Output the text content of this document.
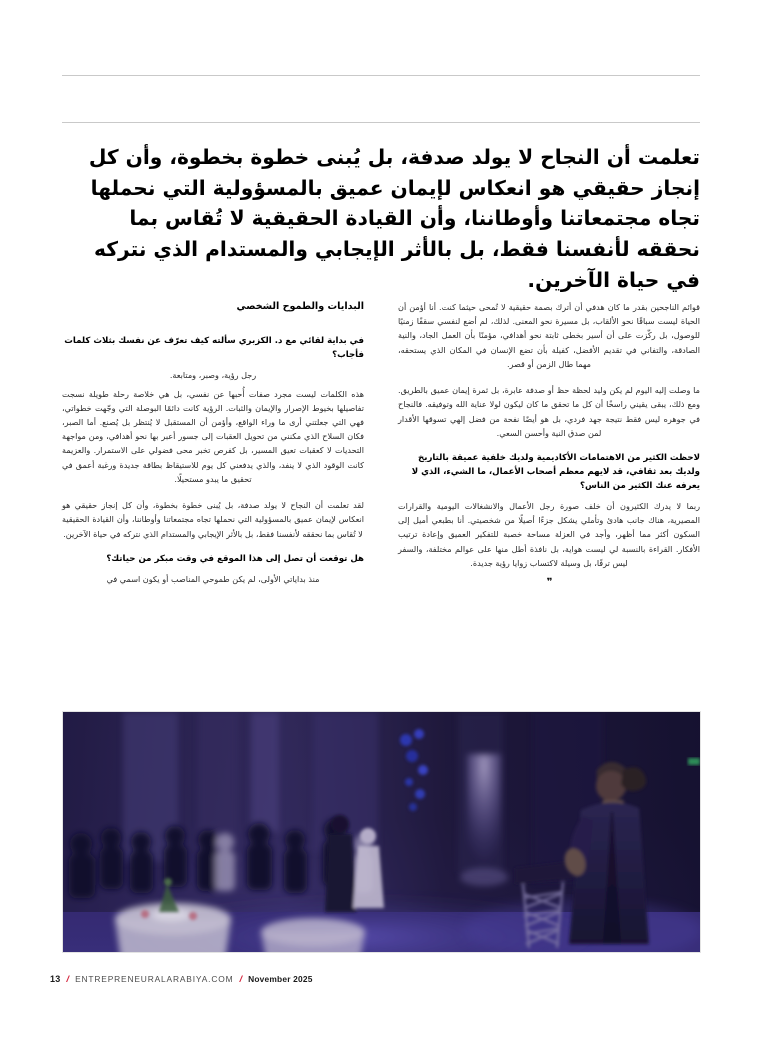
تعلمت أن النجاح لا يولد صدفة، بل يُبنى خطوة بخطوة، وأن كل إنجاز حقيقي هو انعكاس لإيمان عميق بالمسؤولية التي نحملها تجاه مجتمعاتنا وأوطاننا، وأن القيادة الحقيقية لا تُقاس بما نحققه لأنفسنا فقط، بل بالأثر الإيجابي والمستدام الذي نتركه في حياة الآخرين.
البدايات والطموح الشخصي
في بداية لقائي مع د. الكزبري سألته كيف تعرّف عن نفسك بثلاث كلمات فأجاب؟
رجل رؤية، وصبر، ومتابعة.
هذه الكلمات ليست مجرد صفات أُحبها عن نفسي، بل هي خلاصة رحلة طويلة نسجت تفاصيلها بخيوط الإصرار والإيمان والثبات. الرؤية كانت دائمًا البوصلة التي وجّهت خطواتي، فهي التي جعلتني أرى ما وراء الواقع، وأؤمن أن المستقبل لا يُنتظر بل يُصنع. أما الصبر، فكان السلاح الذي مكنني من تحويل العقبات إلى جسور أعبر بها نحو أهدافي، ومن مواجهة التحديات لا كعقبات تعيق المسير، بل كفرص تخبر محى فضولي على الاستمرار. والعزيمة كانت الوقود الذي لا ينفد، والذي يدفعني كل يوم للاستيقاظ بطاقة جديدة ورغبة أعمق في تحقيق ما يبدو مستحيلًا.
لقد تعلمت أن النجاح لا يولد صدفة، بل يُبنى خطوة بخطوة، وأن كل إنجاز حقيقي هو انعكاس لإيمان عميق بالمسؤولية التي نحملها تجاه مجتمعاتنا وأوطاننا، وأن القيادة الحقيقية لا تُقاس بما نحققه لأنفسنا فقط، بل بالأثر الإيجابي والمستدام الذي نتركه في حياة الآخرين.
هل توقعت أن تصل إلى هذا الموقع في وقت مبكر من حياتك؟
منذ بداياتي الأولى، لم يكن طموحي المناصب أو يكون اسمي في
قوائم الناجحين بقدر ما كان هدفي أن أترك بصمة حقيقية لا تُمحى حيثما كنت. أنا أؤمن أن الحياة ليست سباقًا نحو الألقاب، بل مسيرة نحو المعنى. لذلك، لم أضع لنفسي سقفًا زمنيًا للوصول، بل ركّزت على أن أسير بخطى ثابتة نحو أهدافي، مؤمنًا بأن العمل الجاد، والنية الصادقة، والتفاني في تقديم الأفضل، كفيلة بأن تضع الإنسان في المكان الذي يستحقه، مهما طال الزمن أو قصر.
ما وصلت إليه اليوم لم يكن وليد لحظة حظ أو صدفة عابرة، بل ثمرة إيمان عميق بالطريق. ومع ذلك، يبقى يقيني راسخًا أن كل ما تحقق ما كان ليكون لولا عناية الله وتوفيقه. فالنجاح في جوهره ليس فقط نتيجة جهد فردي، بل هو أيضًا نفحة من فضل إلهي تسوقها الأقدار لمن صدق النية وأحسن السعي.
لاحظت الكثير من الاهتمامات الأكاديمية ولديك خلفية عميقة بالتاريخ ولديك بعد ثقافي، قد لايهم معظم أصحاب الأعمال، ما الشيء، الذي لا يعرفه عنك الكثير من الناس؟
ربما لا يدرك الكثيرون أن خلف صورة رجل الأعمال والانشغالات اليومية والقرارات المصيرية، هناك جانب هادئ وتأملي يشكل جزءًا أصيلًا من شخصيتي. أنا بطبعي أميل إلى السكون أكثر مما أظهر، وأجد في العزلة مساحة خصبة للتفكير العميق وإعادة ترتيب الأفكار. القراءة بالنسبة لي ليست هواية، بل نافذة أطل منها على عوالم مختلفة، والسفر ليس ترفًا، بل وسيلة لاكتساب زوايا رؤية جديدة.
❞
13 / ENTREPRENEURALARABIYA.COM / November 2025
